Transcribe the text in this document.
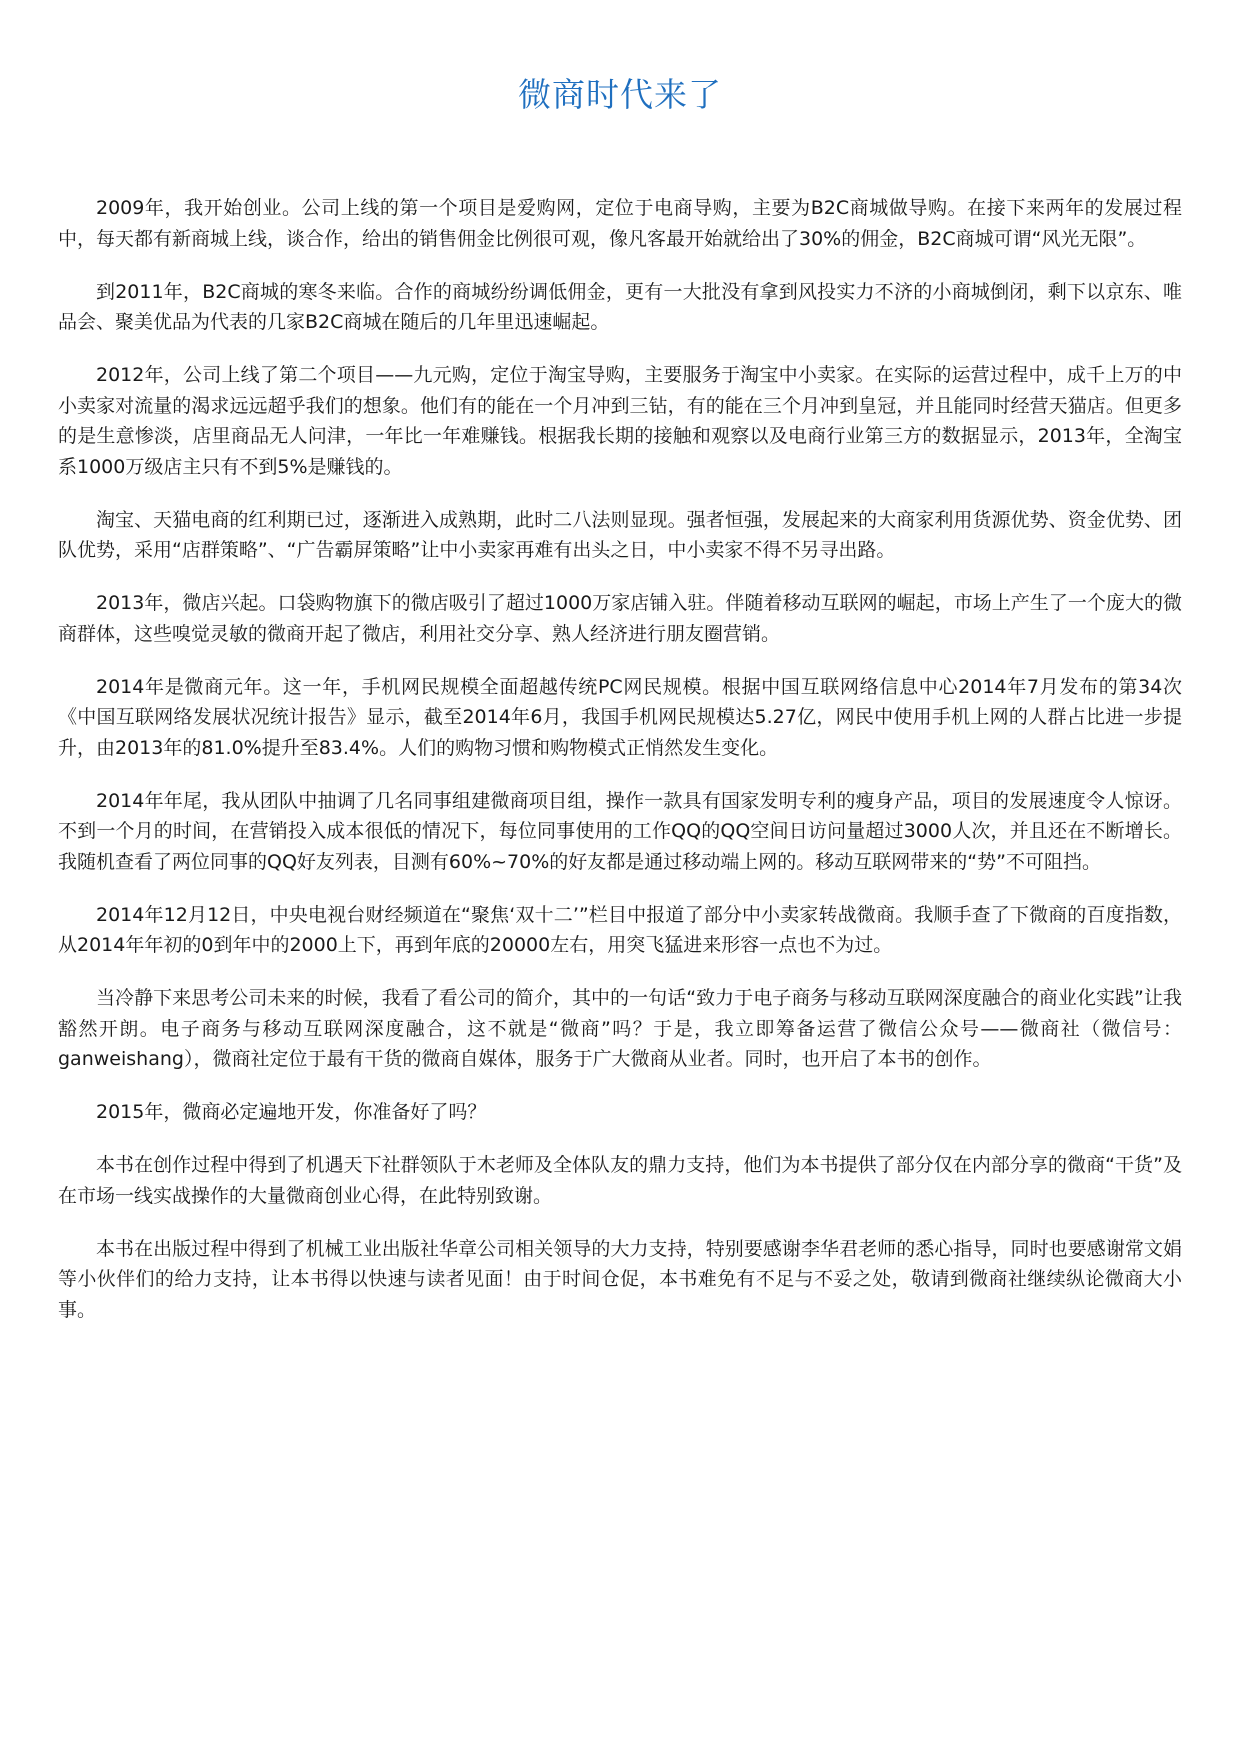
微商时代来了

2009年，我开始创业。公司上线的第一个项目是爱购网，定位于电商导购，主要为B2C商城做导购。在接下来两年的发展过程中，每天都有新商城上线，谈合作，给出的销售佣金比例很可观，像凡客最开始就给出了30%的佣金，B2C商城可谓“风光无限”。

到2011年，B2C商城的寒冬来临。合作的商城纷纷调低佣金，更有一大批没有拿到风投实力不济的小商城倒闭，剩下以京东、唯品会、聚美优品为代表的几家B2C商城在随后的几年里迅速崛起。

2012年，公司上线了第二个项目——九元购，定位于淘宝导购，主要服务于淘宝中小卖家。在实际的运营过程中，成千上万的中小卖家对流量的渴求远远超乎我们的想象。他们有的能在一个月冲到三钻，有的能在三个月冲到皇冠，并且能同时经营天猫店。但更多的是生意惨淡，店里商品无人问津，一年比一年难赚钱。根据我长期的接触和观察以及电商行业第三方的数据显示，2013年，全淘宝系1000万级店主只有不到5%是赚钱的。

淘宝、天猫电商的红利期已过，逐渐进入成熟期，此时二八法则显现。强者恒强，发展起来的大商家利用货源优势、资金优势、团队优势，采用“店群策略”、“广告霸屏策略”让中小卖家再难有出头之日，中小卖家不得不另寻出路。

2013年，微店兴起。口袋购物旗下的微店吸引了超过1000万家店铺入驻。伴随着移动互联网的崛起，市场上产生了一个庞大的微商群体，这些嗅觉灵敏的微商开起了微店，利用社交分享、熟人经济进行朋友圈营销。

2014年是微商元年。这一年，手机网民规模全面超越传统PC网民规模。根据中国互联网络信息中心2014年7月发布的第34次《中国互联网络发展状况统计报告》显示，截至2014年6月，我国手机网民规模达5.27亿，网民中使用手机上网的人群占比进一步提升，由2013年的81.0%提升至83.4%。人们的购物习惯和购物模式正悄然发生变化。

2014年年尾，我从团队中抽调了几名同事组建微商项目组，操作一款具有国家发明专利的瘦身产品，项目的发展速度令人惊讶。不到一个月的时间，在营销投入成本很低的情况下，每位同事使用的工作QQ的QQ空间日访问量超过3000人次，并且还在不断增长。我随机查看了两位同事的QQ好友列表，目测有60%~70%的好友都是通过移动端上网的。移动互联网带来的“势”不可阻挡。

2014年12月12日，中央电视台财经频道在“聚焦‘双十二’”栏目中报道了部分中小卖家转战微商。我顺手查了下微商的百度指数，从2014年年初的0到年中的2000上下，再到年底的20000左右，用突飞猛进来形容一点也不为过。

当冷静下来思考公司未来的时候，我看了看公司的简介，其中的一句话“致力于电子商务与移动互联网深度融合的商业化实践”让我豁然开朗。电子商务与移动互联网深度融合，这不就是“微商”吗？于是，我立即筹备运营了微信公众号——微商社（微信号：ganweishang），微商社定位于最有干货的微商自媒体，服务于广大微商从业者。同时，也开启了本书的创作。

2015年，微商必定遍地开发，你准备好了吗？

本书在创作过程中得到了机遇天下社群领队于木老师及全体队友的鼎力支持，他们为本书提供了部分仅在内部分享的微商“干货”及在市场一线实战操作的大量微商创业心得，在此特别致谢。

本书在出版过程中得到了机械工业出版社华章公司相关领导的大力支持，特别要感谢李华君老师的悉心指导，同时也要感谢常文娟等小伙伴们的给力支持，让本书得以快速与读者见面！由于时间仓促，本书难免有不足与不妥之处，敬请到微商社继续纵论微商大小事。
